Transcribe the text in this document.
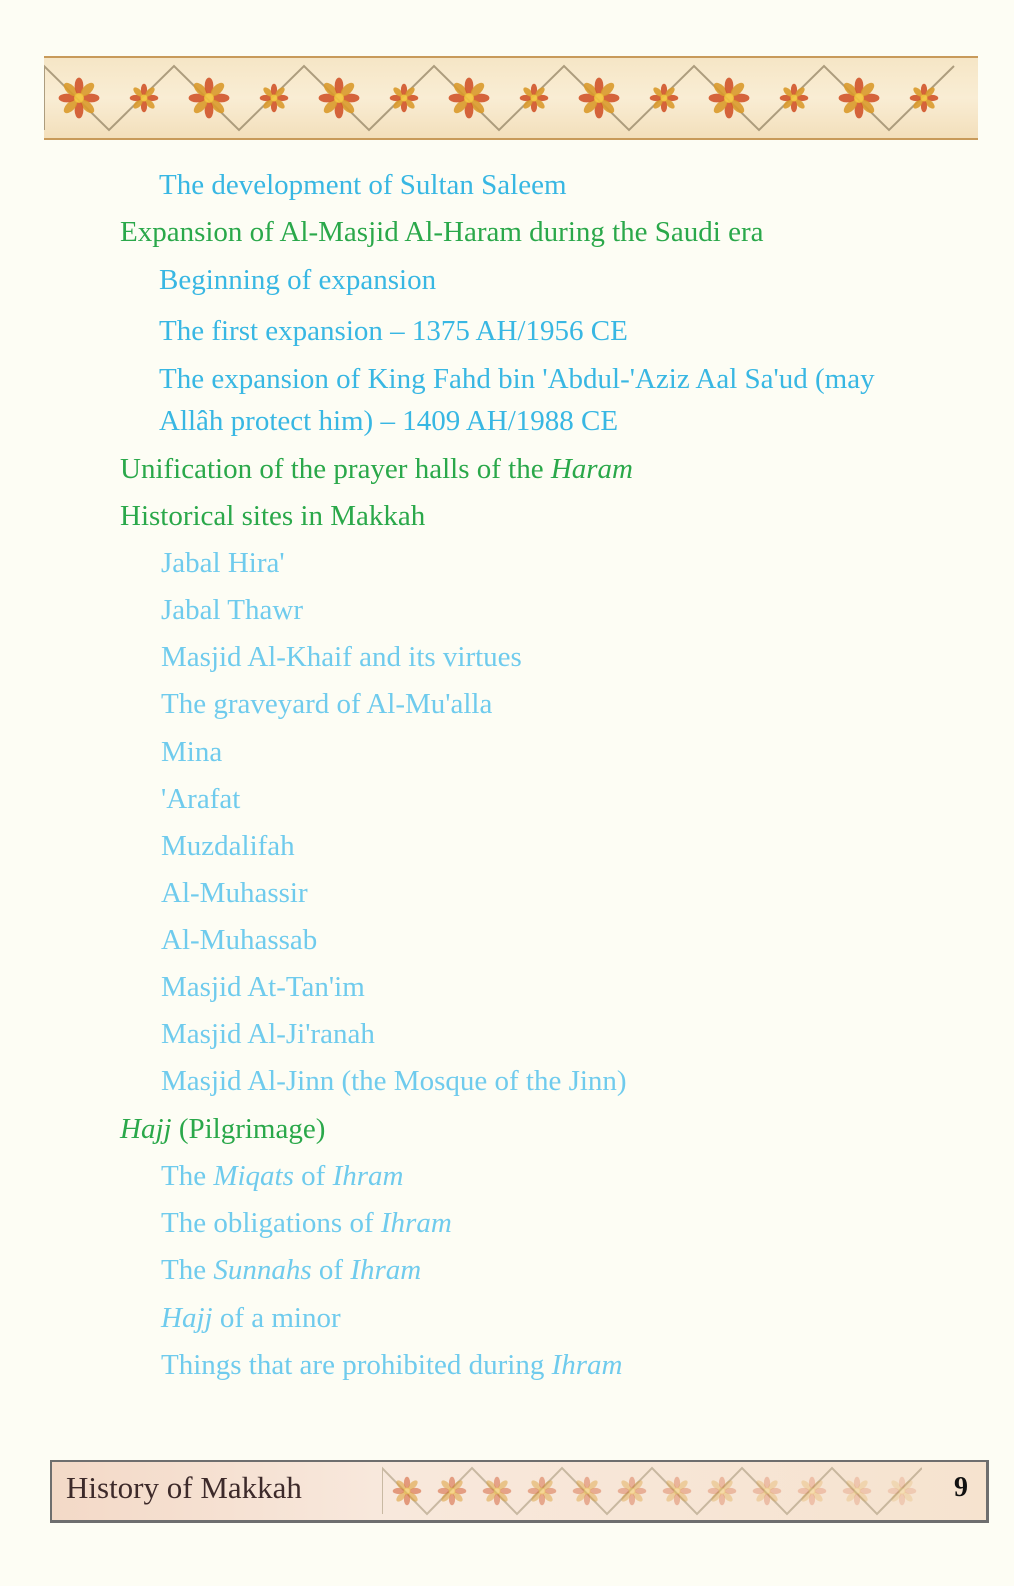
The development of Sultan Saleem
Expansion of Al-Masjid Al-Haram during the Saudi era
Beginning of expansion
The first expansion – 1375 AH/1956 CE
The expansion of King Fahd bin 'Abdul-'Aziz Aal Sa'ud (may Allâh protect him) – 1409 AH/1988 CE
Unification of the prayer halls of the Haram
Historical sites in Makkah
Jabal Hira'
Jabal Thawr
Masjid Al-Khaif and its virtues
The graveyard of Al-Mu'alla
Mina
'Arafat
Muzdalifah
Al-Muhassir
Al-Muhassab
Masjid At-Tan'im
Masjid Al-Ji'ranah
Masjid Al-Jinn (the Mosque of the Jinn)
Hajj (Pilgrimage)
The Miqats of Ihram
The obligations of Ihram
The Sunnahs of Ihram
Hajj of a minor
Things that are prohibited during Ihram
History of Makkah	9
